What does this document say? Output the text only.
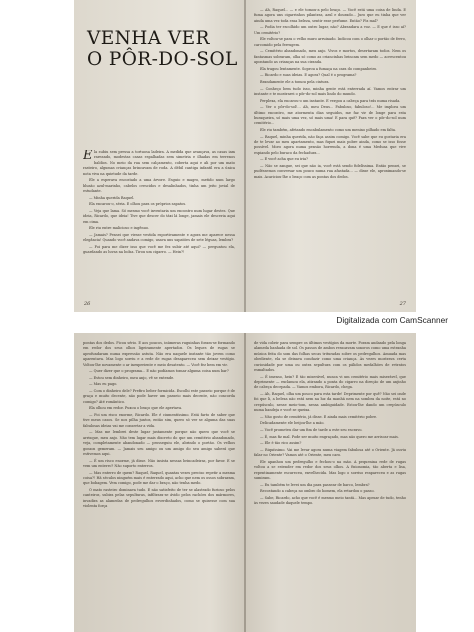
VENHA VER
O PÔR-DO-SOL

Ela subiu sem pressa a tortuosa ladeira. À medida que avançava, as casas iam rareando, modestas casas espalhadas sem simetria e ilhadas em terrenos baldios. No meio da rua sem calçamento, coberta aqui e ali por um mato rasteiro, algumas crianças brincavam de roda. A débil cantiga infantil era a única nota viva na quietude da tarde.

Ele a esperava encostado a uma árvore. Esguio e magro, metido num largo blusão azul-marinho, cabelos crescidos e desalinhados, tinha um jeito jovial de estudante.

— Minha querida Raquel.

Ela encarou-o, séria. E olhou para os próprios sapatos.

— Veja que lama. Só mesmo você inventaria um encontro num lugar destes. Que ideia, Ricardo, que ideia! Tive que descer do táxi lá longe, jamais ele desceria aqui em cima.

Ele riu entre malicioso e ingênuo.

— Jamais? Pensei que viesse vestida esportivamente e agora me aparece nessa elegância! Quando você andava comigo, usava uns sapatões de sete léguas, lembra?

— Foi para me dizer isso que você me fez subir até aqui? — perguntou ela, guardando as luvas na bolsa. Tirou um cigarro. — Hein?!

26

— Ah, Raquel... — e ele tomou-a pelo braço. — Você está uma coisa de linda. E fuma agora uns cigarrinhos pilantras, azul e dourado... Juro que eu tinha que ver ainda uma vez toda essa beleza, sentir esse perfume. Então? Fiz mal?

— Podia ter escolhido um outro lugar, não? Abrandara a voz. — E que é isso aí? Um cemitério?

Ele voltou-se para o velho muro arruinado. Indicou com o olhar o portão de ferro, carcomido pela ferrugem.

— Cemitério abandonado, meu anjo. Vivos e mortos, desertaram todos. Nem os fantasmas sobraram, olha só como as criancinhas brincam sem medo — acrescentou apontando as crianças na sua ciranda.

Ela tragou lentamente. Soprou a fumaça na cara do companheiro.

— Ricardo e suas ideias. E agora? Qual é o programa?

Brandamente ele a tomou pela cintura.

— Conheço bem tudo isso, minha gente está enterrada aí. Vamos entrar um instante e te mostrarei o pôr-do-sol mais lindo do mundo.

Perplexa, ela encarou-o um instante. E vergou a cabeça para trás numa risada.

— Ver o pôr-do-sol!... Ah, meu Deus... Fabuloso, fabuloso!... Me implora um último encontro, me atormenta dias seguidos, me faz vir de longe para esta buraqueira, só mais uma vez, só mais uma! E para quê? Para ver o pôr-do-sol num cemitério...

Ele riu também, afetando encabulamento como um menino pilhado em falta.

— Raquel, minha querida, não faça assim comigo. Você sabe que eu gostaria era de te levar ao meu apartamento, mas fiquei mais pobre ainda, como se isso fosse possível. Moro agora numa pensão horrenda, a dona é uma Medusa que vive espiando pelo buraco da fechadura...

— E você acha que eu iria?

— Não se zangue, sei que não ia, você está sendo fidelíssima. Então pensei, se pudéssemos conversar um pouco numa rua afastada... — disse ele, aproximando-se mais. Acariciou-lhe o braço com as pontas dos dedos.

27
Digitalizada com CamScanner

pontas dos dedos. Ficou sério. E aos poucos, inúmeras ruguinhas foram-se formando em redor dos seus olhos ligeiramente apertados. Os leques de rugas se aprofundaram numa expressão astuta. Não era naquele instante tão jovem como aparentava. Mas logo sorriu e a rede de rugas desapareceu sem deixar vestígio. Voltou-lhe novamente o ar inexperiente e meio desatento. — Você fez bem em vir.

— Quer dizer que o programa... E não podíamos tomar alguma coisa num bar?

— Estou sem dinheiro, meu anjo, vê se entende.

— Mas eu pago.

— Com o dinheiro dele? Prefiro beber formicida. Escolhi este passeio porque é de graça e muito decente, não pode haver um passeio mais decente, não concorda comigo? Até romântico.

Ela olhou em redor. Puxou o braço que ele apertava.

— Foi um risco enorme, Ricardo. Ele é ciumentíssimo. Está farto de saber que tive meus casos. Se nos pilha juntos, então sim, quero só ver se alguma das suas fabulosas ideias vai me consertar a vida.

— Mas me lembrei deste lugar justamente porque não quero que você se arrisque, meu anjo. Não tem lugar mais discreto do que um cemitério abandonado, veja, completamente abandonado — prosseguiu ele, abrindo o portão. Os velhos gonzos gemeram. — Jamais seu amigo ou um amigo do seu amigo saberá que estivemos aqui.

— É um risco enorme, já disse. Não insista nessas brincadeiras, por favor. E se vem um enterro? Não suporto enterros.

— Mas enterro de quem? Raquel, Raquel, quantas vezes preciso repetir a mesma coisa?! Há séculos ninguém mais é enterrado aqui, acho que nem os ossos sobraram, que bobagem. Vem comigo, pode me dar o braço, não tenha medo.

O mato rasteiro dominava tudo. E não satisfeito de ter se alastrado furioso pelos canteiros, subira pelas sepulturas, infiltrara-se ávido pelos rachões dos mármores, invadira as alamedas de pedregulhos esverdinhados, como se quisesse com sua violenta força

de vida cobrir para sempre os últimos vestígios da morte. Foram andando pela longa alameda banhada de sol. Os passos de ambos ressoavam sonoros como uma estranha música feita do som das folhas secas trituradas sobre os pedregulhos. Amuada mas obediente, ela se deixava conduzir como uma criança. Às vezes mostrava certa curiosidade por uma ou outra sepultura com os pálidos medalhões de retratos esmaltados.

— É imenso, hein? E tão miserável, nunca vi um cemitério mais miserável, que deprimente — exclamou ela, atirando a ponta do cigarro na direção de um anjinho de cabeça decepada. — Vamos embora, Ricardo, chega.

— Ah, Raquel, olha um pouco para esta tarde! Deprimente por quê? Não sei onde foi que li, a beleza não está nem na luz da manhã nem na sombra da noite, está no crepúsculo, nesse meio-tom, nessa ambiguidade. Estou-lhe dando um crepúsculo numa bandeja e você se queixa.

— Não gosto de cemitério, já disse. E ainda mais cemitério pobre.

Delicadamente ele beijou-lhe a mão.

— Você prometeu dar um fim de tarde a este seu escravo.

— É, mas fiz mal. Pode ser muito engraçado, mas não quero me arriscar mais.

— Ele é tão rico assim?

— Riquíssimo. Vai me levar agora numa viagem fabulosa até o Oriente. Já ouviu falar no Oriente? Vamos até o Oriente, meu caro.

Ele apanhou um pedregulho e fechou-o na mão. A pequenina rede de rugas voltou a se estender em redor dos seus olhos. A fisionomia, tão aberta e lisa, repentinamente escureceu, envelhecida. Mas logo o sorriso reapareceu e as rugas sumiram.

— Eu também te levei um dia para passear de barco, lembra?

Recostando a cabeça no ombro do homem, ela retardou o passo.

— Sabe, Ricardo, acho que você é mesmo meio tantã... Mas apesar de tudo, tenho às vezes saudade daquele tempo.
